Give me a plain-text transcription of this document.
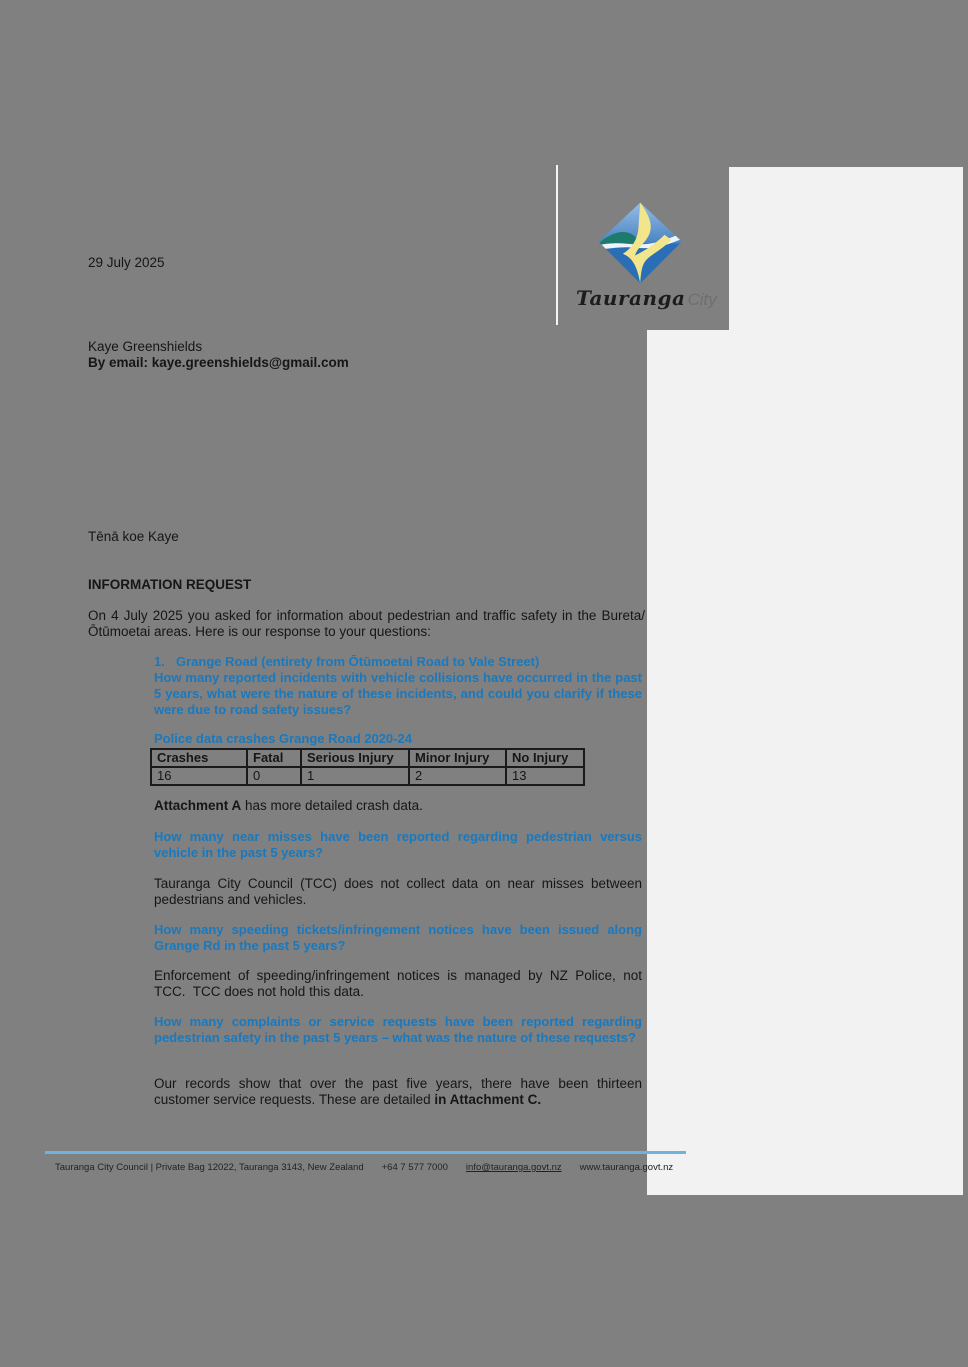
Tauranga City
29 July 2025
Kaye Greenshields
By email: kaye.greenshields@gmail.com
Tēnā koe Kaye
INFORMATION REQUEST
On 4 July 2025 you asked for information about pedestrian and traffic safety in the Bureta/Ōtūmoetai areas. Here is our response to your questions:
1. Grange Road (entirety from Ōtūmoetai Road to Vale Street)
How many reported incidents with vehicle collisions have occurred in the past 5 years, what were the nature of these incidents, and could you clarify if these were due to road safety issues?
Police data crashes Grange Road 2020-24
Crashes	Fatal	Serious Injury	Minor Injury	No Injury
16	0	1	2	13
Attachment A has more detailed crash data.
How many near misses have been reported regarding pedestrian versus vehicle in the past 5 years?
Tauranga City Council (TCC) does not collect data on near misses between pedestrians and vehicles.
How many speeding tickets/infringement notices have been issued along Grange Rd in the past 5 years?
Enforcement of speeding/infringement notices is managed by NZ Police, not TCC.  TCC does not hold this data.
How many complaints or service requests have been reported regarding pedestrian safety in the past 5 years – what was the nature of these requests?
Our records show that over the past five years, there have been thirteen customer service requests. These are detailed in Attachment C.
Tauranga City Council | Private Bag 12022, Tauranga 3143, New Zealand +64 7 577 7000 info@tauranga.govt.nz www.tauranga.govt.nz
